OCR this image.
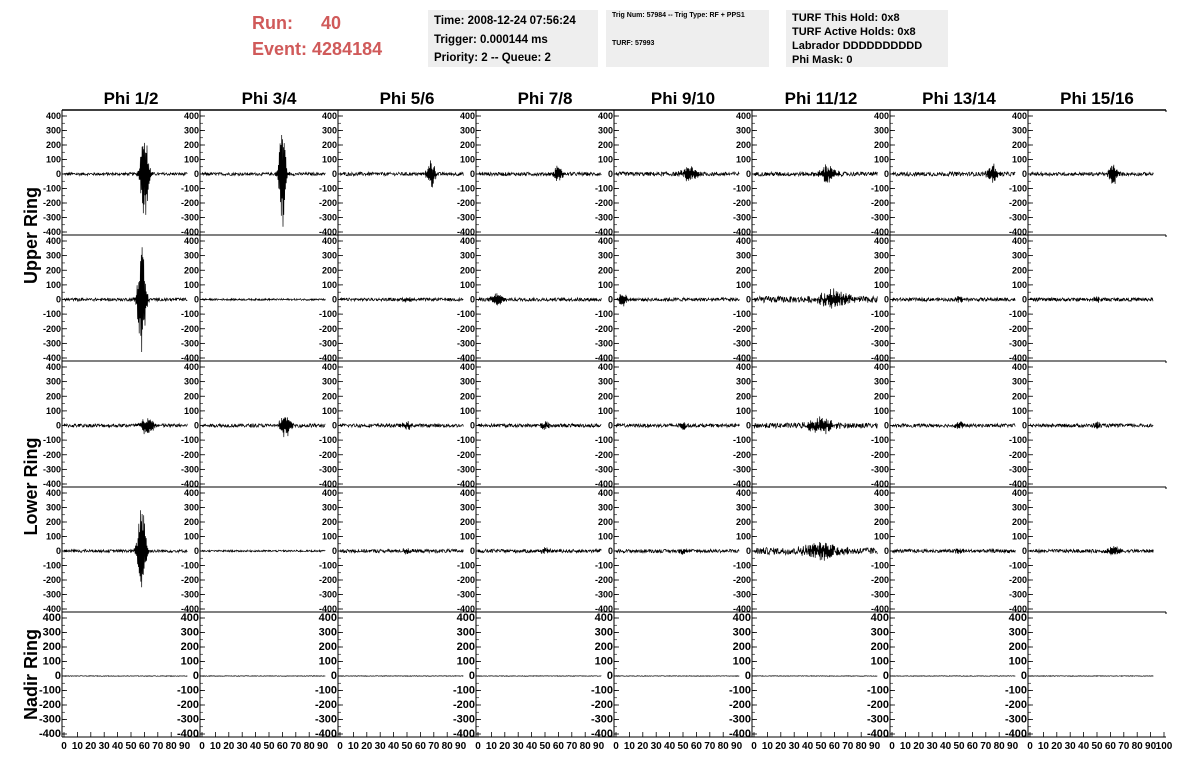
Run: 40
Event: 4284184
Time: 2008-12-24 07:56:24
Trigger: 0.000144 ms
Priority: 2 -- Queue: 2
Trig Num: 57984 -- Trig Type: RF + PPS1
TURF: 57993
TURF This Hold: 0x8
TURF Active Holds: 0x8
Labrador DDDDDDDDDD
Phi Mask: 0
Phi 1/2	Phi 3/4	Phi 5/6	Phi 7/8	Phi 9/10	Phi 11/12	Phi 13/14	Phi 15/16
Upper Ring
Lower Ring
Nadir Ring
400
300
200
100
0
-100
-200
-300
-400
400
300
200
100
0
-100
-200
-300
-400
400
300
200
100
0
-100
-200
-300
-400
400
300
200
100
0
-100
-200
-300
-400
400
300
200
100
0
-100
-200
-300
-400
400
300
200
100
0
-100
-200
-300
-400
400
300
200
100
0
-100
-200
-300
-400
400
300
200
100
0
-100
-200
-300
-400
400
300
200
100
0
-100
-200
-300
-400
400
300
200
100
0
-100
-200
-300
-400
400
300
200
100
0
-100
-200
-300
-400
400
300
200
100
0
-100
-200
-300
-400
400
300
200
100
0
-100
-200
-300
-400
400
300
200
100
0
-100
-200
-300
-400
400
300
200
100
0
-100
-200
-300
-400
400
300
200
100
0
-100
-200
-300
-400
400
300
200
100
0
-100
-200
-300
-400
400
300
200
100
0
-100
-200
-300
-400
400
300
200
100
0
-100
-200
-300
-400
400
300
200
100
0
-100
-200
-300
-400
400
300
200
100
0
-100
-200
-300
-400
400
300
200
100
0
-100
-200
-300
-400
400
300
200
100
0
-100
-200
-300
-400
400
300
200
100
0
-100
-200
-300
-400
400
300
200
100
0
-100
-200
-300
-400
400
300
200
100
0
-100
-200
-300
-400
400
300
200
100
0
-100
-200
-300
-400
400
300
200
100
0
-100
-200
-300
-400
400
300
200
100
0
-100
-200
-300
-400
400
300
200
100
0
-100
-200
-300
-400
400
300
200
100
0
-100
-200
-300
-400
400
300
200
100
0
-100
-200
-300
-400
400
300
200
100
0
-100
-200
-300
-400
400
300
200
100
0
-100
-200
-300
-400
400
300
200
100
0
-100
-200
-300
-400
400
300
200
100
0
-100
-200
-300
-400
400
300
200
100
0
-100
-200
-300
-400
400
300
200
100
0
-100
-200
-300
-400
400
300
200
100
0
-100
-200
-300
-400
400
300
200
100
0
-100
-200
-300
-400
0 10 20 30 40 50 60 70 80 90 0 10 20 30 40 50 60 70 80 90 0 10 20 30 40 50 60 70 80 90 0 10 20 30 40 50 60 70 80 90 0 10 20 30 40 50 60 70 80 90 0 10 20 30 40 50 60 70 80 90 0 10 20 30 40 50 60 70 80 90 0 10 20 30 40 50 60 70 80 90 100
